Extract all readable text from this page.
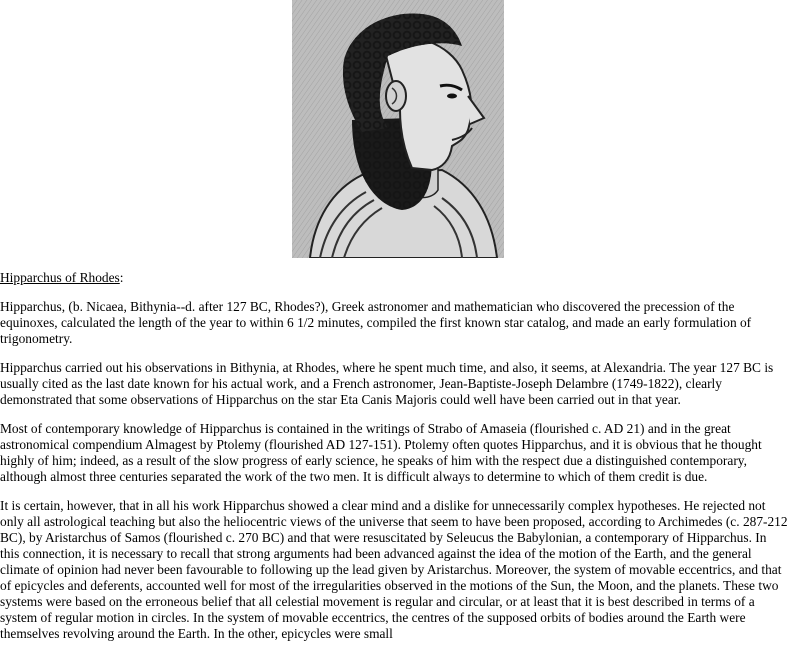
Hipparchus of Rhodes:

Hipparchus, (b. Nicaea, Bithynia--d. after 127 BC, Rhodes?), Greek astronomer and mathematician who discovered the precession of the equinoxes, calculated the length of the year to within 6 1/2 minutes, compiled the first known star catalog, and made an early formulation of trigonometry.

Hipparchus carried out his observations in Bithynia, at Rhodes, where he spent much time, and also, it seems, at Alexandria. The year 127 BC is usually cited as the last date known for his actual work, and a French astronomer, Jean-Baptiste-Joseph Delambre (1749-1822), clearly demonstrated that some observations of Hipparchus on the star Eta Canis Majoris could well have been carried out in that year.

Most of contemporary knowledge of Hipparchus is contained in the writings of Strabo of Amaseia (flourished c. AD 21) and in the great astronomical compendium Almagest by Ptolemy (flourished AD 127-151). Ptolemy often quotes Hipparchus, and it is obvious that he thought highly of him; indeed, as a result of the slow progress of early science, he speaks of him with the respect due a distinguished contemporary, although almost three centuries separated the work of the two men. It is difficult always to determine to which of them credit is due.

It is certain, however, that in all his work Hipparchus showed a clear mind and a dislike for unnecessarily complex hypotheses. He rejected not only all astrological teaching but also the heliocentric views of the universe that seem to have been proposed, according to Archimedes (c. 287-212 BC), by Aristarchus of Samos (flourished c. 270 BC) and that were resuscitated by Seleucus the Babylonian, a contemporary of Hipparchus. In this connection, it is necessary to recall that strong arguments had been advanced against the idea of the motion of the Earth, and the general climate of opinion had never been favourable to following up the lead given by Aristarchus. Moreover, the system of movable eccentrics, and that of epicycles and deferents, accounted well for most of the irregularities observed in the motions of the Sun, the Moon, and the planets. These two systems were based on the erroneous belief that all celestial movement is regular and circular, or at least that it is best described in terms of a system of regular motion in circles. In the system of movable eccentrics, the centres of the supposed orbits of bodies around the Earth were themselves revolving around the Earth. In the other, epicycles were small
